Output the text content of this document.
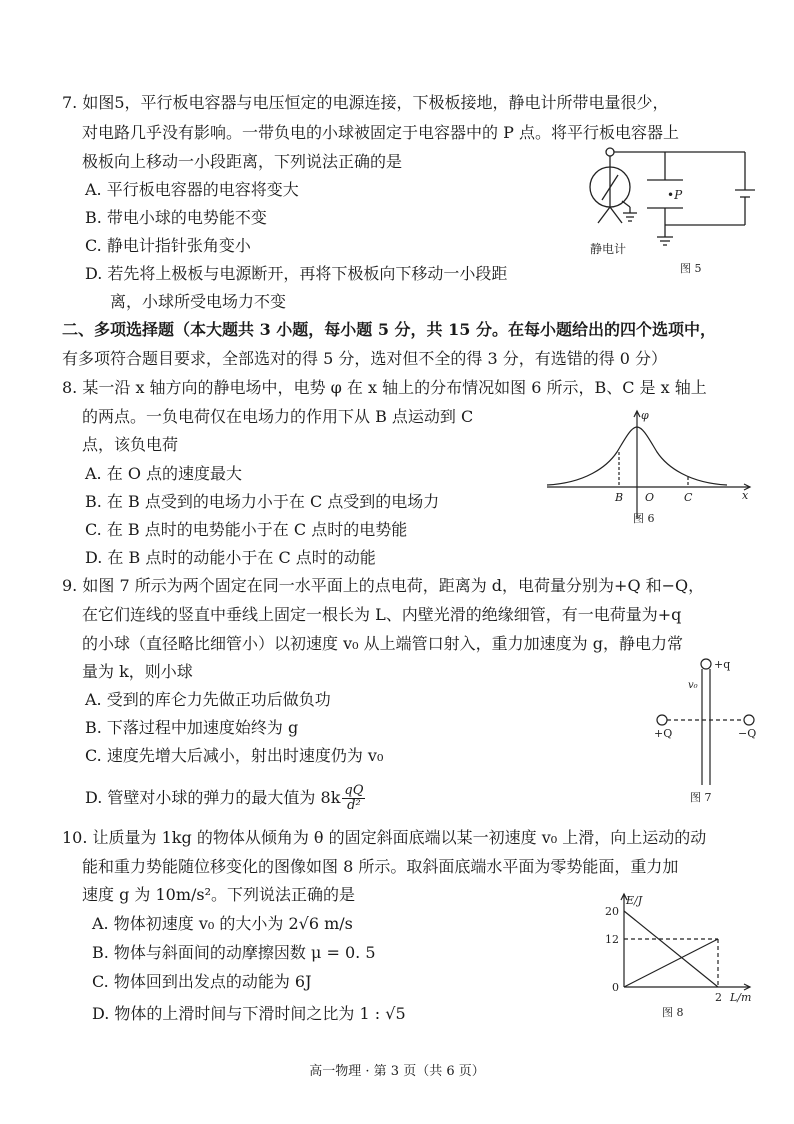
7. 如图5，平行板电容器与电压恒定的电源连接，下极板接地，静电计所带电量很少，
对电路几乎没有影响。一带负电的小球被固定于电容器中的 P 点。将平行板电容器上
极板向上移动一小段距离，下列说法正确的是
A. 平行板电容器的电容将变大
B. 带电小球的电势能不变
C. 静电计指针张角变小
D. 若先将上极板与电源断开，再将下极板向下移动一小段距
离，小球所受电场力不变
•P
静电计
图 5
二、多项选择题（本大题共 3 小题，每小题 5 分，共 15 分。在每小题给出的四个选项中，
有多项符合题目要求，全部选对的得 5 分，选对但不全的得 3 分，有选错的得 0 分）
8. 某一沿 x 轴方向的静电场中，电势 φ 在 x 轴上的分布情况如图 6 所示，B、C 是 x 轴上
的两点。一负电荷仅在电场力的作用下从 B 点运动到 C
点，该负电荷
A. 在 O 点的速度最大
B. 在 B 点受到的电场力小于在 C 点受到的电场力
C. 在 B 点时的电势能小于在 C 点时的电势能
D. 在 B 点时的动能小于在 C 点时的动能
φ
B O	C	x
图 6
9. 如图 7 所示为两个固定在同一水平面上的点电荷，距离为 d，电荷量分别为+Q 和−Q，
在它们连线的竖直中垂线上固定一根长为 L、内壁光滑的绝缘细管，有一电荷量为+q
的小球（直径略比细管小）以初速度 v₀ 从上端管口射入，重力加速度为 g，静电力常
量为 k，则小球
A. 受到的库仑力先做正功后做负功
B. 下落过程中加速度始终为 g
C. 速度先增大后减小，射出时速度仍为 v₀
D. 管壁对小球的弹力的最大值为 $8k \frac{qQ}{\text{d²}}$
+q
v₀
+Q	−Q
图 7
10. 让质量为 1kg 的物体从倾角为 θ 的固定斜面底端以某一初速度 v₀ 上滑，向上运动的动
能和重力势能随位移变化的图像如图 8 所示。取斜面底端水平面为零势能面，重力加
速度 g 为 10m/s²。下列说法正确的是
A. 物体初速度 v₀ 的大小为 2√6 m/s
B. 物体与斜面间的动摩擦因数 μ = 0. 5
C. 物体回到出发点的动能为 6J
D. 物体的上滑时间与下滑时间之比为 1 : √5
E/J
20
12
0
2 L/m
图 8
高一物理 · 第 3 页（共 6 页）
